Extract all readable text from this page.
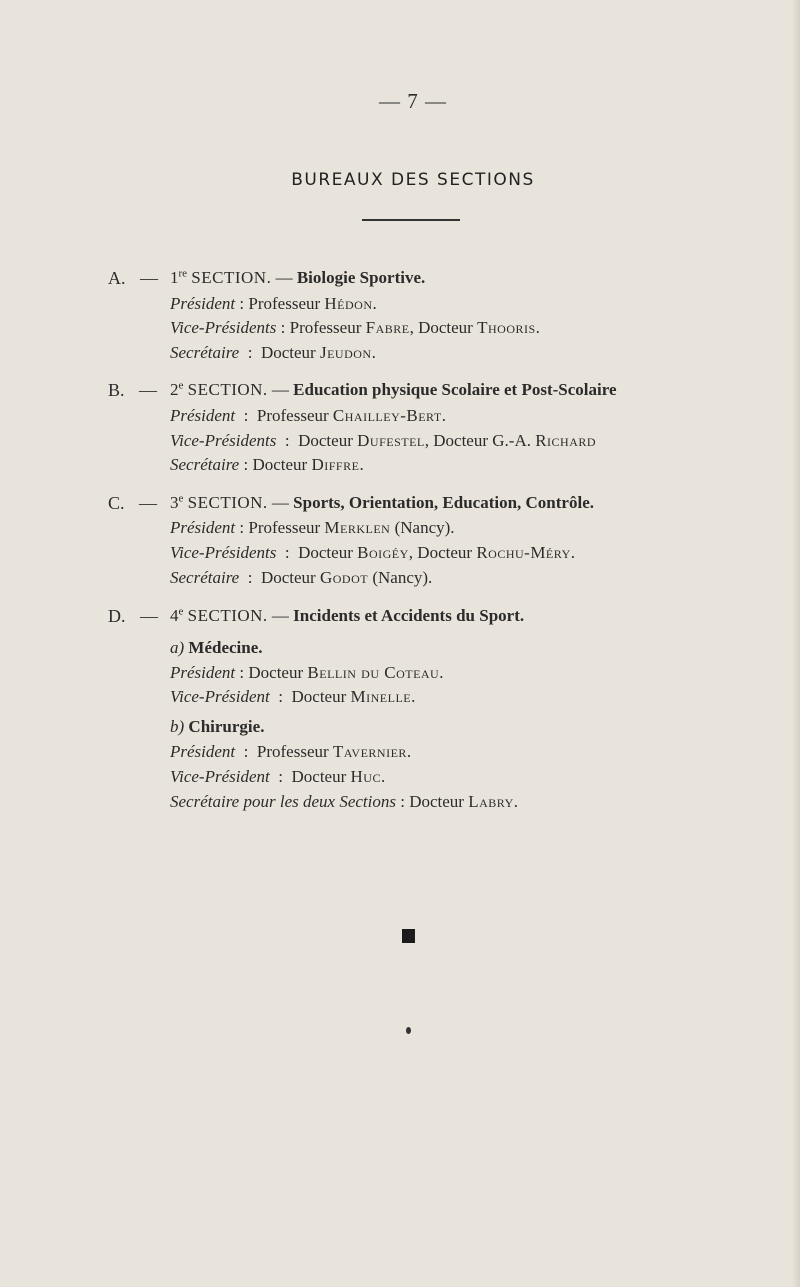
— 7 —
BUREAUX DES SECTIONS
A. — 1re SECTION. — Biologie Sportive.
Président : Professeur Hédon.
Vice-Présidents : Professeur Fabre, Docteur Thooris.
Secrétaire  :  Docteur Jeudon.
B. — 2e SECTION. — Education physique Scolaire et Post-Scolaire
Président  :  Professeur Chailley-Bert.
Vice-Présidents  :  Docteur Dufestel, Docteur G.-A. Richard
Secrétaire : Docteur Diffre.
C. — 3e SECTION. — Sports, Orientation, Education, Contrôle.
Président : Professeur Merklen (Nancy).
Vice-Présidents  :  Docteur Boigéy, Docteur Rochu-Méry.
Secrétaire  :  Docteur Godot (Nancy).
D. — 4e SECTION. — Incidents et Accidents du Sport.
a) Médecine.
Président : Docteur Bellin du Coteau.
Vice-Président  :  Docteur Minelle.
b) Chirurgie.
Président  :  Professeur Tavernier.
Vice-Président  :  Docteur Huc.
Secrétaire pour les deux Sections : Docteur Labry.
